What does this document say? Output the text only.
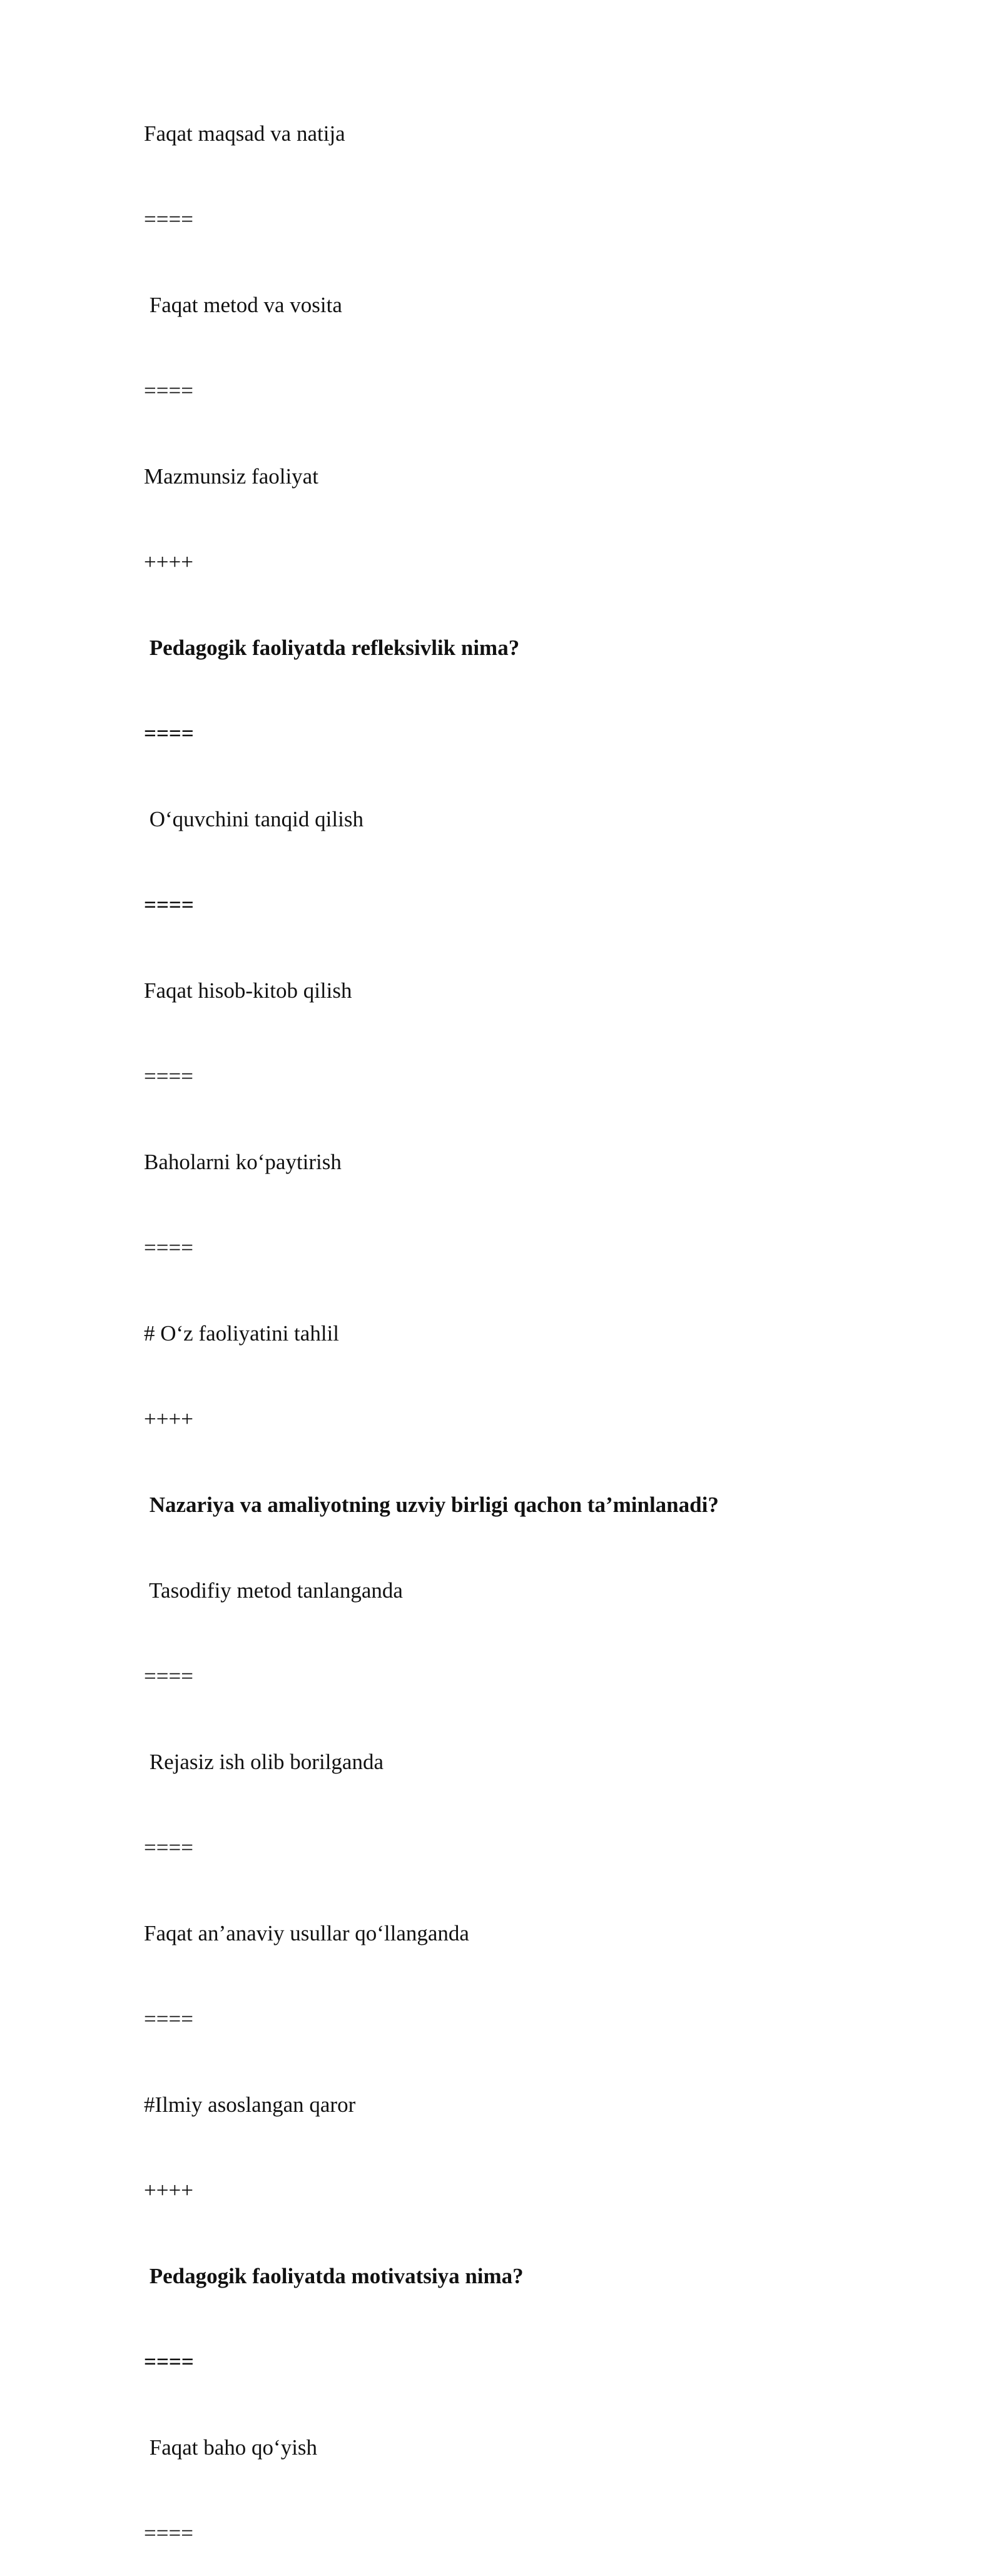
Faqat maqsad va natija

====

Faqat metod va vosita

====

Mazmunsiz faoliyat

++++

Pedagogik faoliyatda refleksivlik nima?

====

O‘quvchini tanqid qilish

====

Faqat hisob-kitob qilish

====

Baholarni ko‘paytirish

====

# O‘z faoliyatini tahlil

++++

Nazariya va amaliyotning uzviy birligi qachon ta’minlanadi?

Tasodifiy metod tanlanganda

====

Rejasiz ish olib borilganda

====

Faqat an’anaviy usullar qo‘llanganda

====

#Ilmiy asoslangan qaror

++++

Pedagogik faoliyatda motivatsiya nima?

====

Faqat baho qo‘yish

====
